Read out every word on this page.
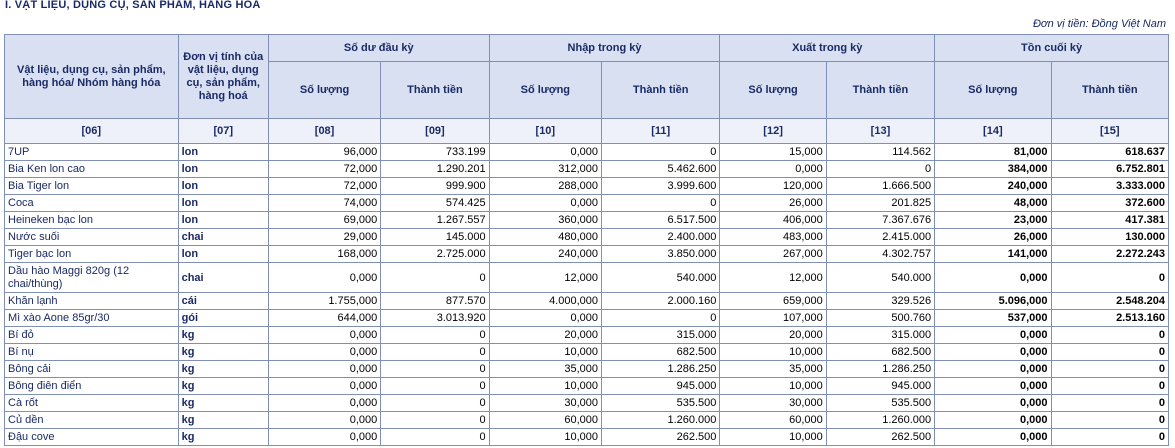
I. VẬT LIỆU, DỤNG CỤ, SẢN PHẨM, HÀNG HOÁ
Đơn vị tiền: Đồng Việt Nam
Vật liệu, dụng cụ, sản phẩm, hàng hóa/ Nhóm hàng hóa	Đơn vị tính của vật liệu, dụng cụ, sản phẩm, hàng hoá	Số dư đầu kỳ		Nhập trong kỳ		Xuất trong kỳ		Tồn cuối kỳ	
		Số lượng	Thành tiền	Số lượng	Thành tiền	Số lượng	Thành tiền	Số lượng	Thành tiền
[06]	[07]	[08]	[09]	[10]	[11]	[12]	[13]	[14]	[15]
7UP	lon	96,000	733.199	0,000	0	15,000	114.562	81,000	618.637
Bia Ken lon cao	lon	72,000	1.290.201	312,000	5.462.600	0,000	0	384,000	6.752.801
Bia Tiger lon	lon	72,000	999.900	288,000	3.999.600	120,000	1.666.500	240,000	3.333.000
Coca	lon	74,000	574.425	0,000	0	26,000	201.825	48,000	372.600
Heineken bạc lon	lon	69,000	1.267.557	360,000	6.517.500	406,000	7.367.676	23,000	417.381
Nước suối	chai	29,000	145.000	480,000	2.400.000	483,000	2.415.000	26,000	130.000
Tiger bạc lon	lon	168,000	2.725.000	240,000	3.850.000	267,000	4.302.757	141,000	2.272.243
Dầu hào Maggi 820g (12 chai/thùng)	chai	0,000	0	12,000	540.000	12,000	540.000	0,000	0
Khăn lạnh	cái	1.755,000	877.570	4.000,000	2.000.160	659,000	329.526	5.096,000	2.548.204
Mì xào Aone 85gr/30	gói	644,000	3.013.920	0,000	0	107,000	500.760	537,000	2.513.160
Bí đỏ	kg	0,000	0	20,000	315.000	20,000	315.000	0,000	0
Bí nụ	kg	0,000	0	10,000	682.500	10,000	682.500	0,000	0
Bông cải	kg	0,000	0	35,000	1.286.250	35,000	1.286.250	0,000	0
Bông điên điển	kg	0,000	0	10,000	945.000	10,000	945.000	0,000	0
Cà rốt	kg	0,000	0	30,000	535.500	30,000	535.500	0,000	0
Củ dền	kg	0,000	0	60,000	1.260.000	60,000	1.260.000	0,000	0
Đậu cove	kg	0,000	0	10,000	262.500	10,000	262.500	0,000	0
